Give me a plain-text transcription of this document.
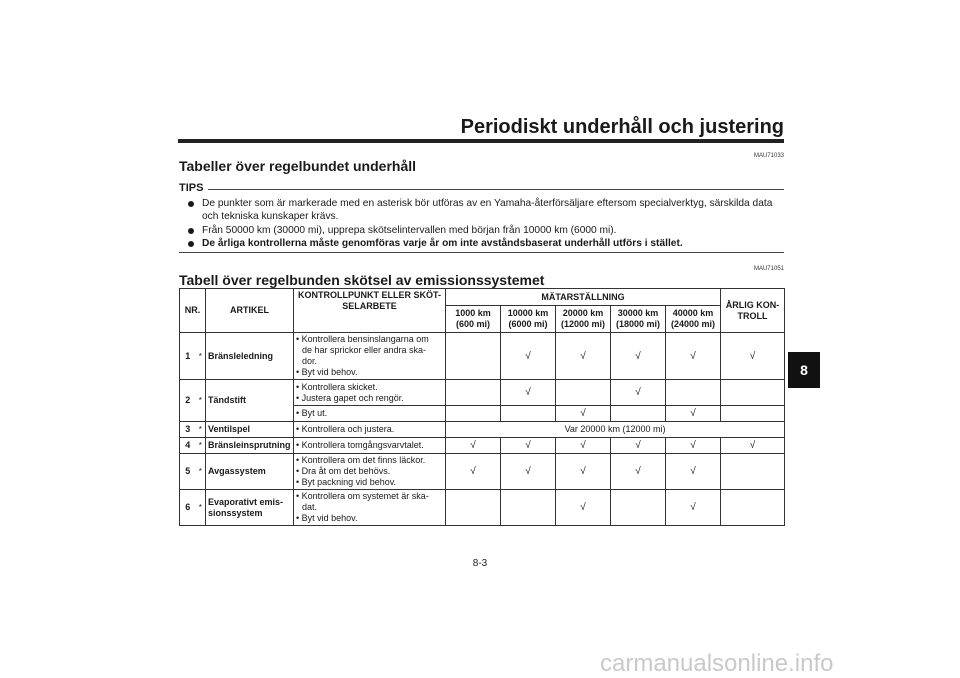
Periodiskt underhåll och justering
MAU71033
Tabeller över regelbundet underhåll
TIPS
De punkter som är markerade med en asterisk bör utföras av en Yamaha-återförsäljare eftersom specialverktyg, särskilda data och tekniska kunskaper krävs.
Från 50000 km (30000 mi), upprepa skötselintervallen med början från 10000 km (6000 mi).
De årliga kontrollerna måste genomföras varje år om inte avståndsbaserat underhåll utförs i stället.
MAU71051
Tabell över regelbunden skötsel av emissionssystemet
NR.		ARTIKEL	KONTROLLPUNKT ELLER SKÖT-SELARBETE	MÄTARSTÄLLNING					ÅRLIG KON-TROLL
				1000 km (600 mi)	10000 km (6000 mi)	20000 km (12000 mi)	30000 km (18000 mi)	40000 km (24000 mi)	
1	*	Bränsleledning	• Kontrollera bensinslangarna om
de har sprickor eller andra ska-
dor.
• Byt vid behov.		√	√	√	√	√
2	*	Tändstift	• Kontrollera skicket.
• Justera gapet och rengör.		√		√		

			• Byt ut.			√		√	
3	*	Ventilspel	• Kontrollera och justera.	Var 20000 km (12000 mi)					
4	*	Bränsleinsprutning	• Kontrollera tomgångsvarvtalet.	√	√	√	√	√	√
5	*	Avgassystem	• Kontrollera om det finns läckor.
• Dra åt om det behövs.
• Byt packning vid behov.	√	√	√	√	√	
6	*	Evaporativt emis-sionssystem	• Kontrollera om systemet är ska-
dat.
• Byt vid behov.			√		√	
8
8-3
carmanualsonline.info
